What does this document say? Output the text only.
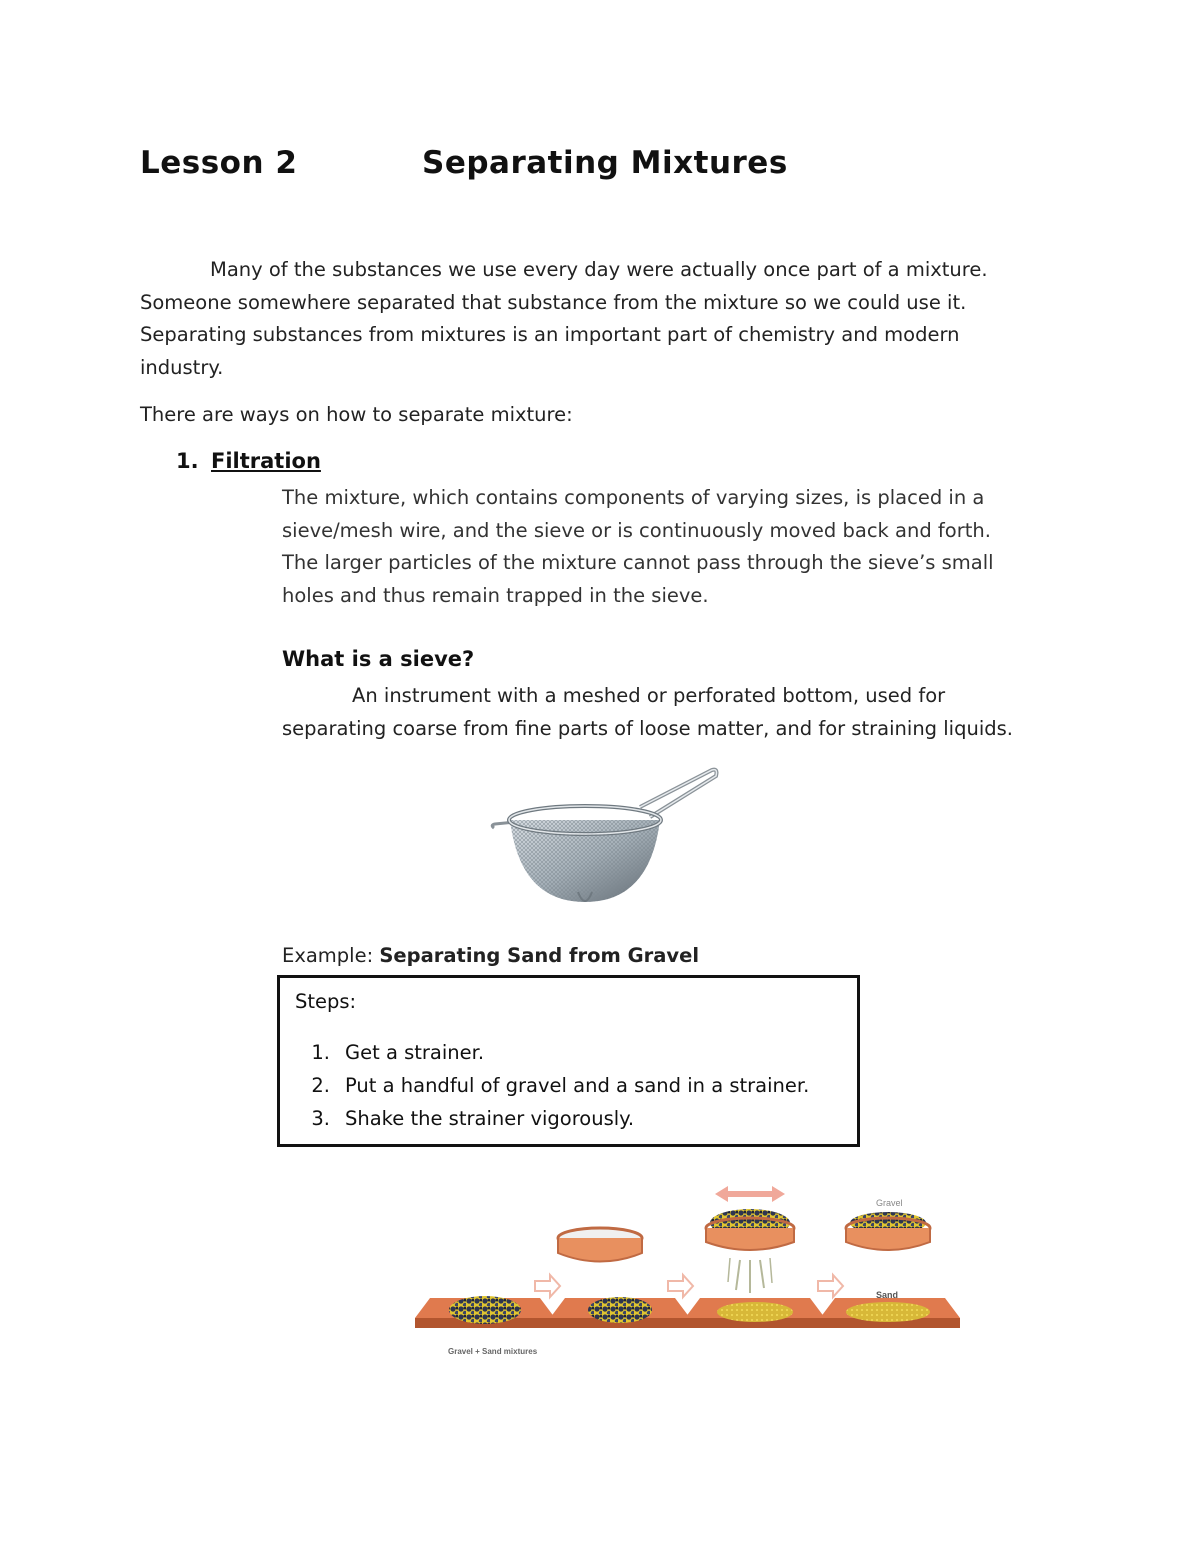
Lesson 2	Separating Mixtures
Many of the substances we use every day were actually once part of a mixture.
Someone somewhere separated that substance from the mixture so we could use it.
Separating substances from mixtures is an important part of chemistry and modern
industry.
There are ways on how to separate mixture:
1. Filtration
The mixture, which contains components of varying sizes, is placed in a
sieve/mesh wire, and the sieve or is continuously moved back and forth.
The larger particles of the mixture cannot pass through the sieve’s small
holes and thus remain trapped in the sieve.
What is a sieve?
An instrument with a meshed or perforated bottom, used for
separating coarse from fine parts of loose matter, and for straining liquids.
Example: Separating Sand from Gravel
Steps:
1. Get a strainer.
2. Put a handful of gravel and a sand in a strainer.
3. Shake the strainer vigorously.
Gravel
Sand
Gravel + Sand mixtures
